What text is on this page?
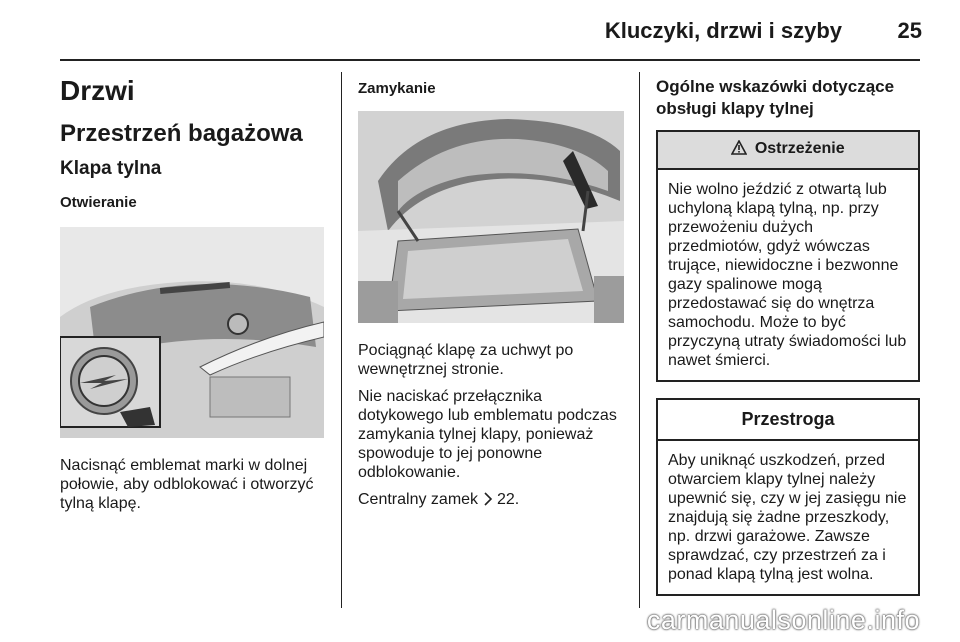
Kluczyki, drzwi i szyby	25
Drzwi
Przestrzeń bagażowa
Klapa tylna
Otwieranie

Nacisnąć emblemat marki w dolnej połowie, aby odblokować i otworzyć tylną klapę.

Zamykanie

Pociągnąć klapę za uchwyt po wewnętrznej stronie.

Nie naciskać przełącznika dotykowego lub emblematu podczas zamykania tylnej klapy, ponieważ spowoduje to jej ponowne odblokowanie.

Centralny zamek 22.

Ogólne wskazówki dotyczące obsługi klapy tylnej
Ostrzeżenie
Nie wolno jeździć z otwartą lub uchyloną klapą tylną, np. przy przewożeniu dużych przedmiotów, gdyż wówczas trujące, niewidoczne i bezwonne gazy spalinowe mogą przedostawać się do wnętrza samochodu. Może to być przyczyną utraty świadomości lub nawet śmierci.
Przestroga
Aby uniknąć uszkodzeń, przed otwarciem klapy tylnej należy upewnić się, czy w jej zasięgu nie znajdują się żadne przeszkody, np. drzwi garażowe. Zawsze sprawdzać, czy przestrzeń za i ponad klapą tylną jest wolna.
carmanualsonline.info
